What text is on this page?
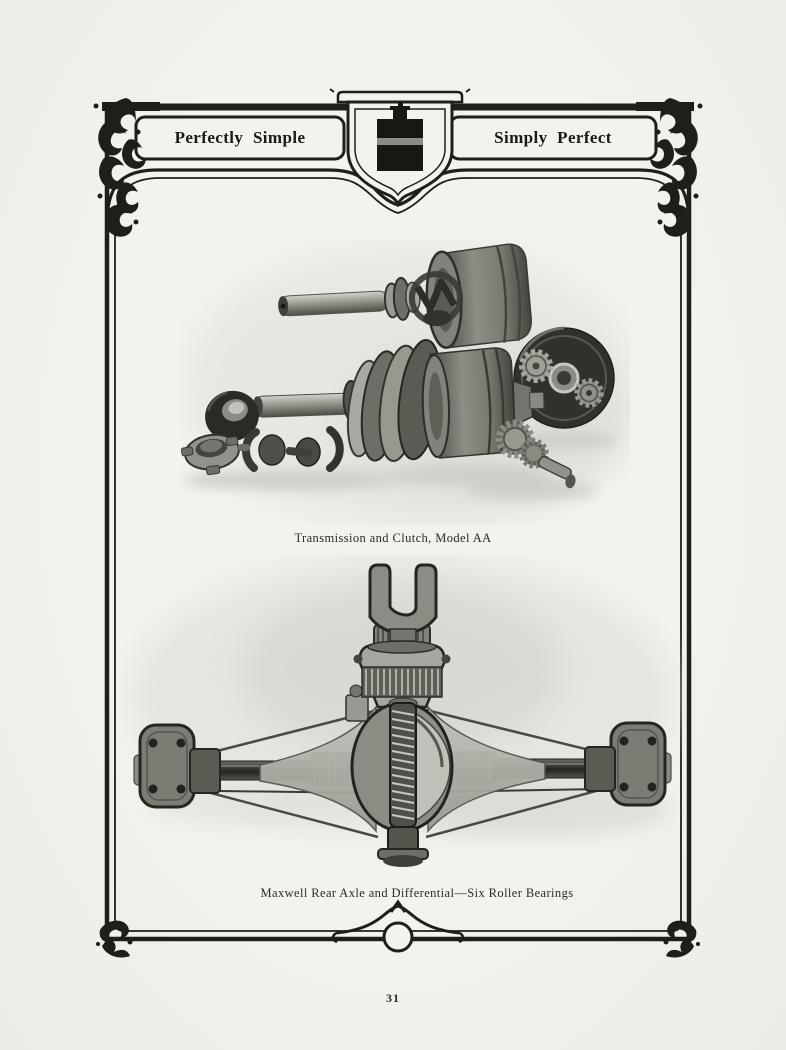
Perfectly Simple	Simply Perfect
Transmission and Clutch, Model AA
Maxwell Rear Axle and Differential—Six Roller Bearings
31
